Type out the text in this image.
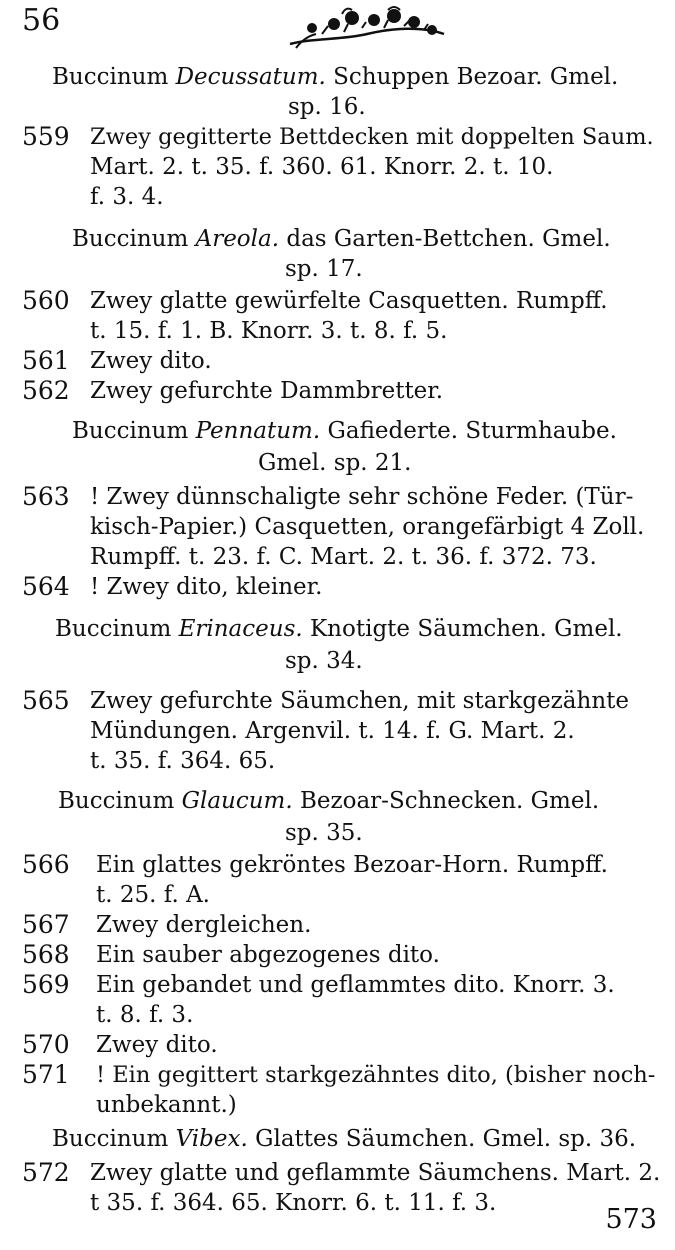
56
Buccinum Decussatum. Schuppen Bezoar. Gmel.
sp. 16.
Zwey gegitterte Bettdecken mit doppelten Saum.
Mart. 2. t. 35. f. 360. 61. Knorr. 2. t. 10.
f. 3. 4.
Buccinum Areola. das Garten-Bettchen. Gmel.
sp. 17.
Zwey glatte gewürfelte Casquetten. Rumpff.
t. 15. f. 1. B. Knorr. 3. t. 8. f. 5.
Zwey dito.
Zwey gefurchte Dammbretter.
Buccinum Pennatum. Gafiederte. Sturmhaube.
Gmel. sp. 21.
! Zwey dünnschaligte sehr schöne Feder. (Tür-
kisch-Papier.) Casquetten, orangefärbigt 4 Zoll.
Rumpff. t. 23. f. C. Mart. 2. t. 36. f. 372. 73.
! Zwey dito, kleiner.
Buccinum Erinaceus. Knotigte Säumchen. Gmel.
sp. 34.
Zwey gefurchte Säumchen, mit starkgezähnte
Mündungen. Argenvil. t. 14. f. G. Mart. 2.
t. 35. f. 364. 65.
Buccinum Glaucum. Bezoar-Schnecken. Gmel.
sp. 35.
Ein glattes gekröntes Bezoar-Horn. Rumpff.
t. 25. f. A.
Zwey dergleichen.
Ein sauber abgezogenes dito.
Ein gebandet und geflammtes dito. Knorr. 3.
t. 8. f. 3.
Zwey dito.
! Ein gegittert starkgezähntes dito, (bisher noch-
unbekannt.)
Buccinum Vibex. Glattes Säumchen. Gmel. sp. 36.
Zwey glatte und geflammte Säumchens. Mart. 2.
t 35. f. 364. 65. Knorr. 6. t. 11. f. 3.
559
560
561
562
563
564
565
566
567
568
569
570
571
572
573
